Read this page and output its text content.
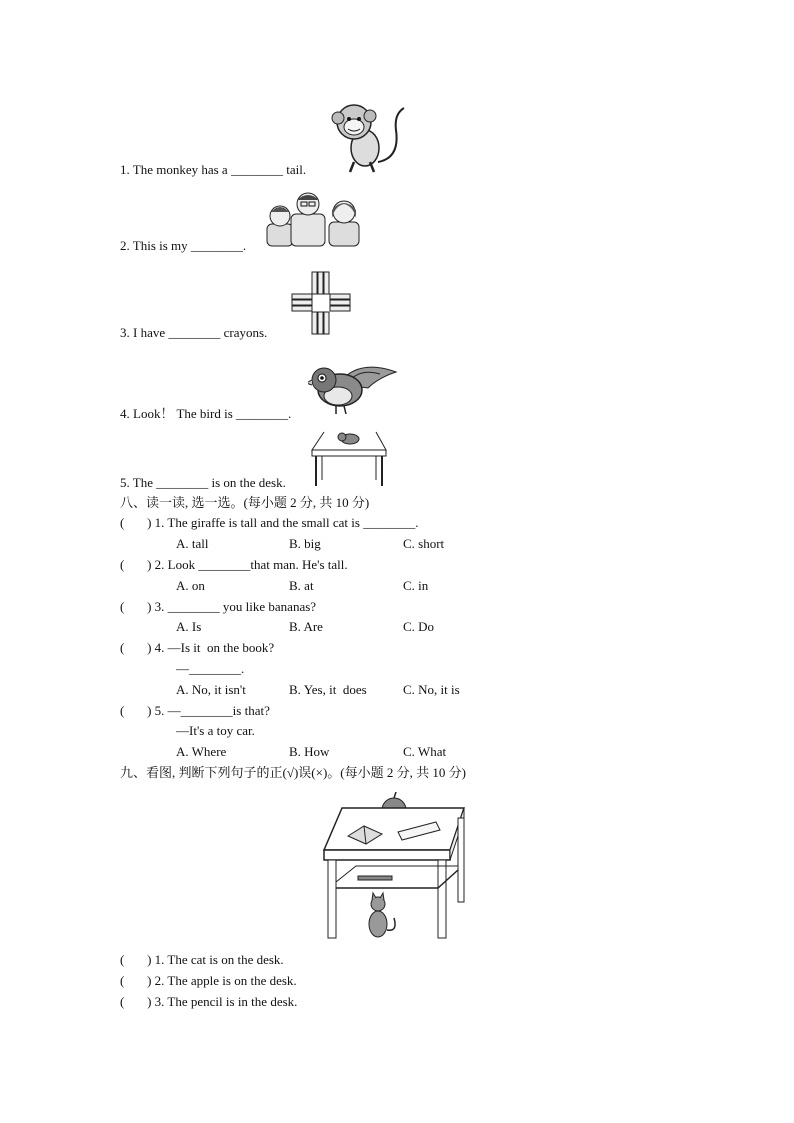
1. The monkey has a ________ tail.
2. This is my ________.
3. I have ________ crayons.
4. Look！ The bird is ________.
5. The ________ is on the desk.
八、读一读, 选一选。(每小题 2 分, 共 10 分)
(       ) 1. The giraffe is tall and the small cat is ________.
A. tall	B. big	C. short
(       ) 2. Look ________that man. He's tall.
A. on	B. at	C. in
(       ) 3. ________ you like bananas?
A. Is	B. Are	C. Do
(       ) 4. —Is it  on the book?
—________.
A. No, it isn't	B. Yes, it  does	C. No, it is
(       ) 5. —________is that?
—It's a toy car.
A. Where	B. How	C. What
九、看图, 判断下列句子的正(√)误(×)。(每小题 2 分, 共 10 分)
(       ) 1. The cat is on the desk.
(       ) 2. The apple is on the desk.
(       ) 3. The pencil is in the desk.
